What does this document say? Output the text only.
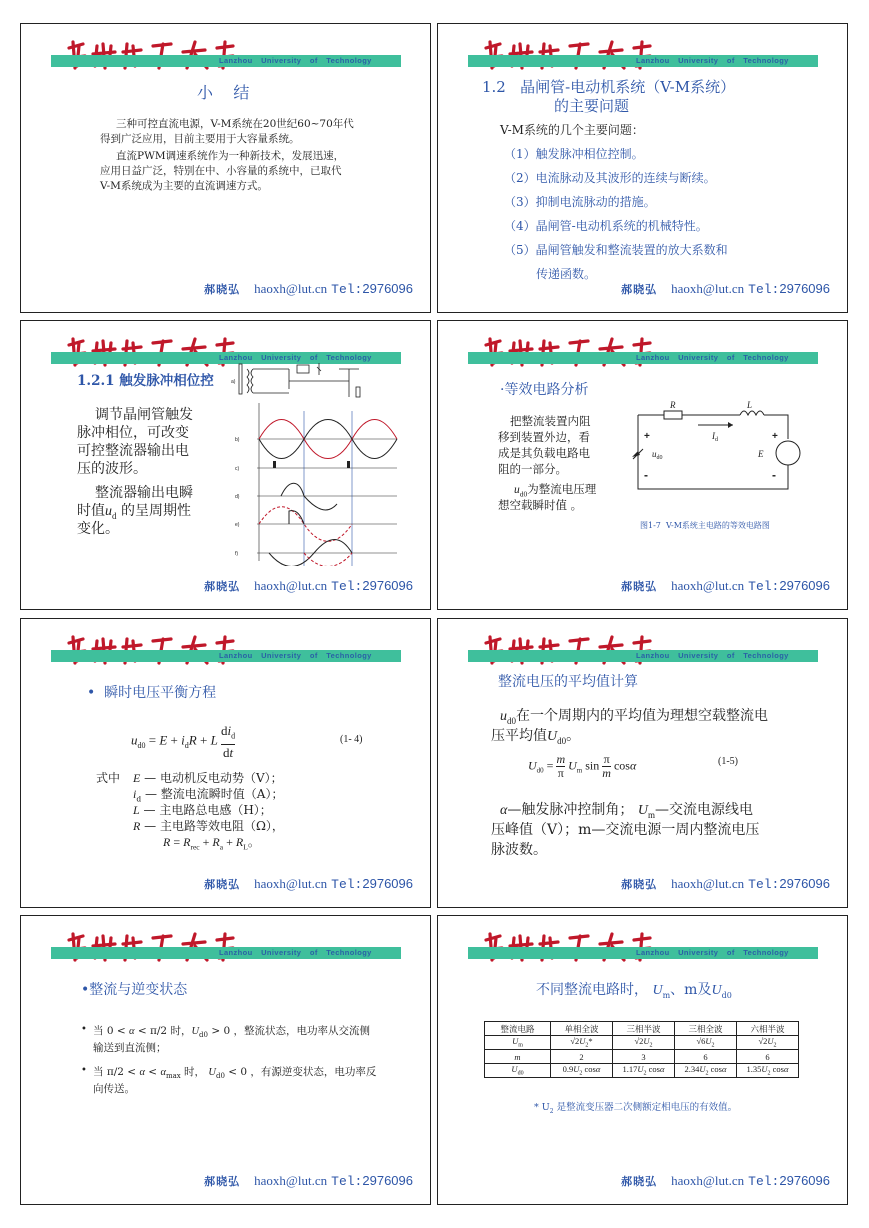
Lanzhou University of Technology
小    结
三种可控直流电源，V-M系统在20世纪60~70年代
得到广泛应用，目前主要用于大容量系统。
直流PWM调速系统作为一种新技术，发展迅速，
应用日益广泛，特别在中、小容量的系统中，已取代
V-M系统成为主要的直流调速方式。
郝晓弘 haoxh@lut.cn Tel:2976096
Lanzhou University of Technology
1.2   晶闸管-电动机系统（V-M系统）
的主要问题
V-M系统的几个主要问题：
（1）触发脉冲相位控制。
（2）电流脉动及其波形的连续与断续。
（3）抑制电流脉动的措施。
（4）晶闸管-电动机系统的机械特性。
（5）晶闸管触发和整流装置的放大系数和
传递函数。
郝晓弘 haoxh@lut.cn Tel:2976096
Lanzhou University of Technology
1.2.1 触发脉冲相位控
调节晶闸管触发
脉冲相位，可改变
可控整流器输出电
压的波形。
整流器输出电瞬
时值$u_d$ 的呈周期性
变化。
a)
b)
c)
d)
e)
f)
郝晓弘 haoxh@lut.cn Tel:2976096
Lanzhou University of Technology
·等效电路分析
把整流装置内阻
移到装置外边，看
成是其负载电路电
阻的一部分。
$u_{d0}$为整流电压理
想空载瞬时值 。
R	L
$I_d$
$u_{d0}$	E
+	+
-	-
图1-7  V-M系统主电路的等效电路图
郝晓弘 haoxh@lut.cn Tel:2976096
Lanzhou University of Technology
•  瞬时电压平衡方程
$u_{d0} = E + i_dR + L$
$di_d$
dt
(1- 4)
式中 E — 电动机反电动势（V）；
$i_d$ — 整流电流瞬时值（A）；
L — 主电路总电感（H）；
R — 主电路等效电阻（Ω），
$R = R_{rec} + R_a + R_L$。
郝晓弘 haoxh@lut.cn Tel:2976096
Lanzhou University of Technology
整流电压的平均值计算
$u_{d0}$在一个周期内的平均值为理想空载整流电
压平均值$U_{d0}$。
$U_{d0} = \frac{m}{\pi} U_m$ $\sin \frac{\pi}{m}$ cosα	(1-5)
α—触发脉冲控制角； $U_m—$交流电源线电
压峰值（V）；m—交流电源一周内整流电压
脉波数。
郝晓弘 haoxh@lut.cn Tel:2976096
Lanzhou University of Technology
•整流与逆变状态
• 当 0 < α < π/2 时，$U_{d0} > 0$ ，整流状态，电功率从交流侧
输送到直流侧；
• 当 $\pi/2 < \alpha < \alpha_{max}$ 时， $U_{d0} < 0$ ，有源逆变状态，电功率反
向传送。
郝晓弘 haoxh@lut.cn Tel:2976096
Lanzhou University of Technology
不同整流电路时， $U_m$、m及$U_{d0}$
整流电路	单相全波	三相半波	三相全波	六相半波
$U_m$	$√2U_2*$	$√2U_2$	$√6U_2$	$√2U_2$
m	2	3	6	6
$U_{d0}$	$0.9U_2$ cosα	$1.17U_2$ cosα	$2.34U_2$ cosα	$1.35U_2$ cosα
* $U_2$ 是整流变压器二次侧额定相电压的有效值。
郝晓弘 haoxh@lut.cn Tel:2976096
